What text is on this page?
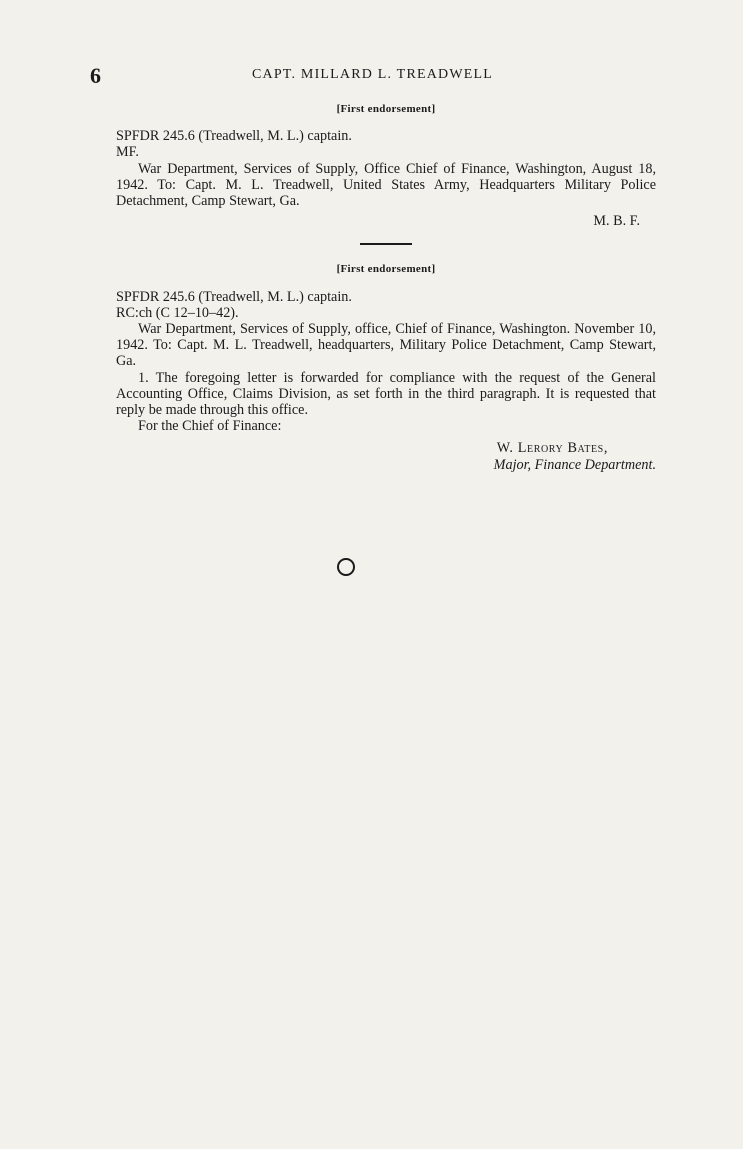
6	CAPT. MILLARD L. TREADWELL

[First endorsement]

SPFDR 245.6 (Treadwell, M. L.) captain.

MF.

War Department, Services of Supply, Office Chief of Finance, Washington, August 18, 1942. To: Capt. M. L. Treadwell, United States Army, Headquarters Military Police Detachment, Camp Stewart, Ga.

M. B. F.

[First endorsement]

SPFDR 245.6 (Treadwell, M. L.) captain.

RC:ch (C 12–10–42).

War Department, Services of Supply, office, Chief of Finance, Washington. November 10, 1942. To: Capt. M. L. Treadwell, headquarters, Military Police Detachment, Camp Stewart, Ga.

1. The foregoing letter is forwarded for compliance with the request of the General Accounting Office, Claims Division, as set forth in the third paragraph. It is requested that reply be made through this office.

For the Chief of Finance:

W. Lerory Bates,

Major, Finance Department.
